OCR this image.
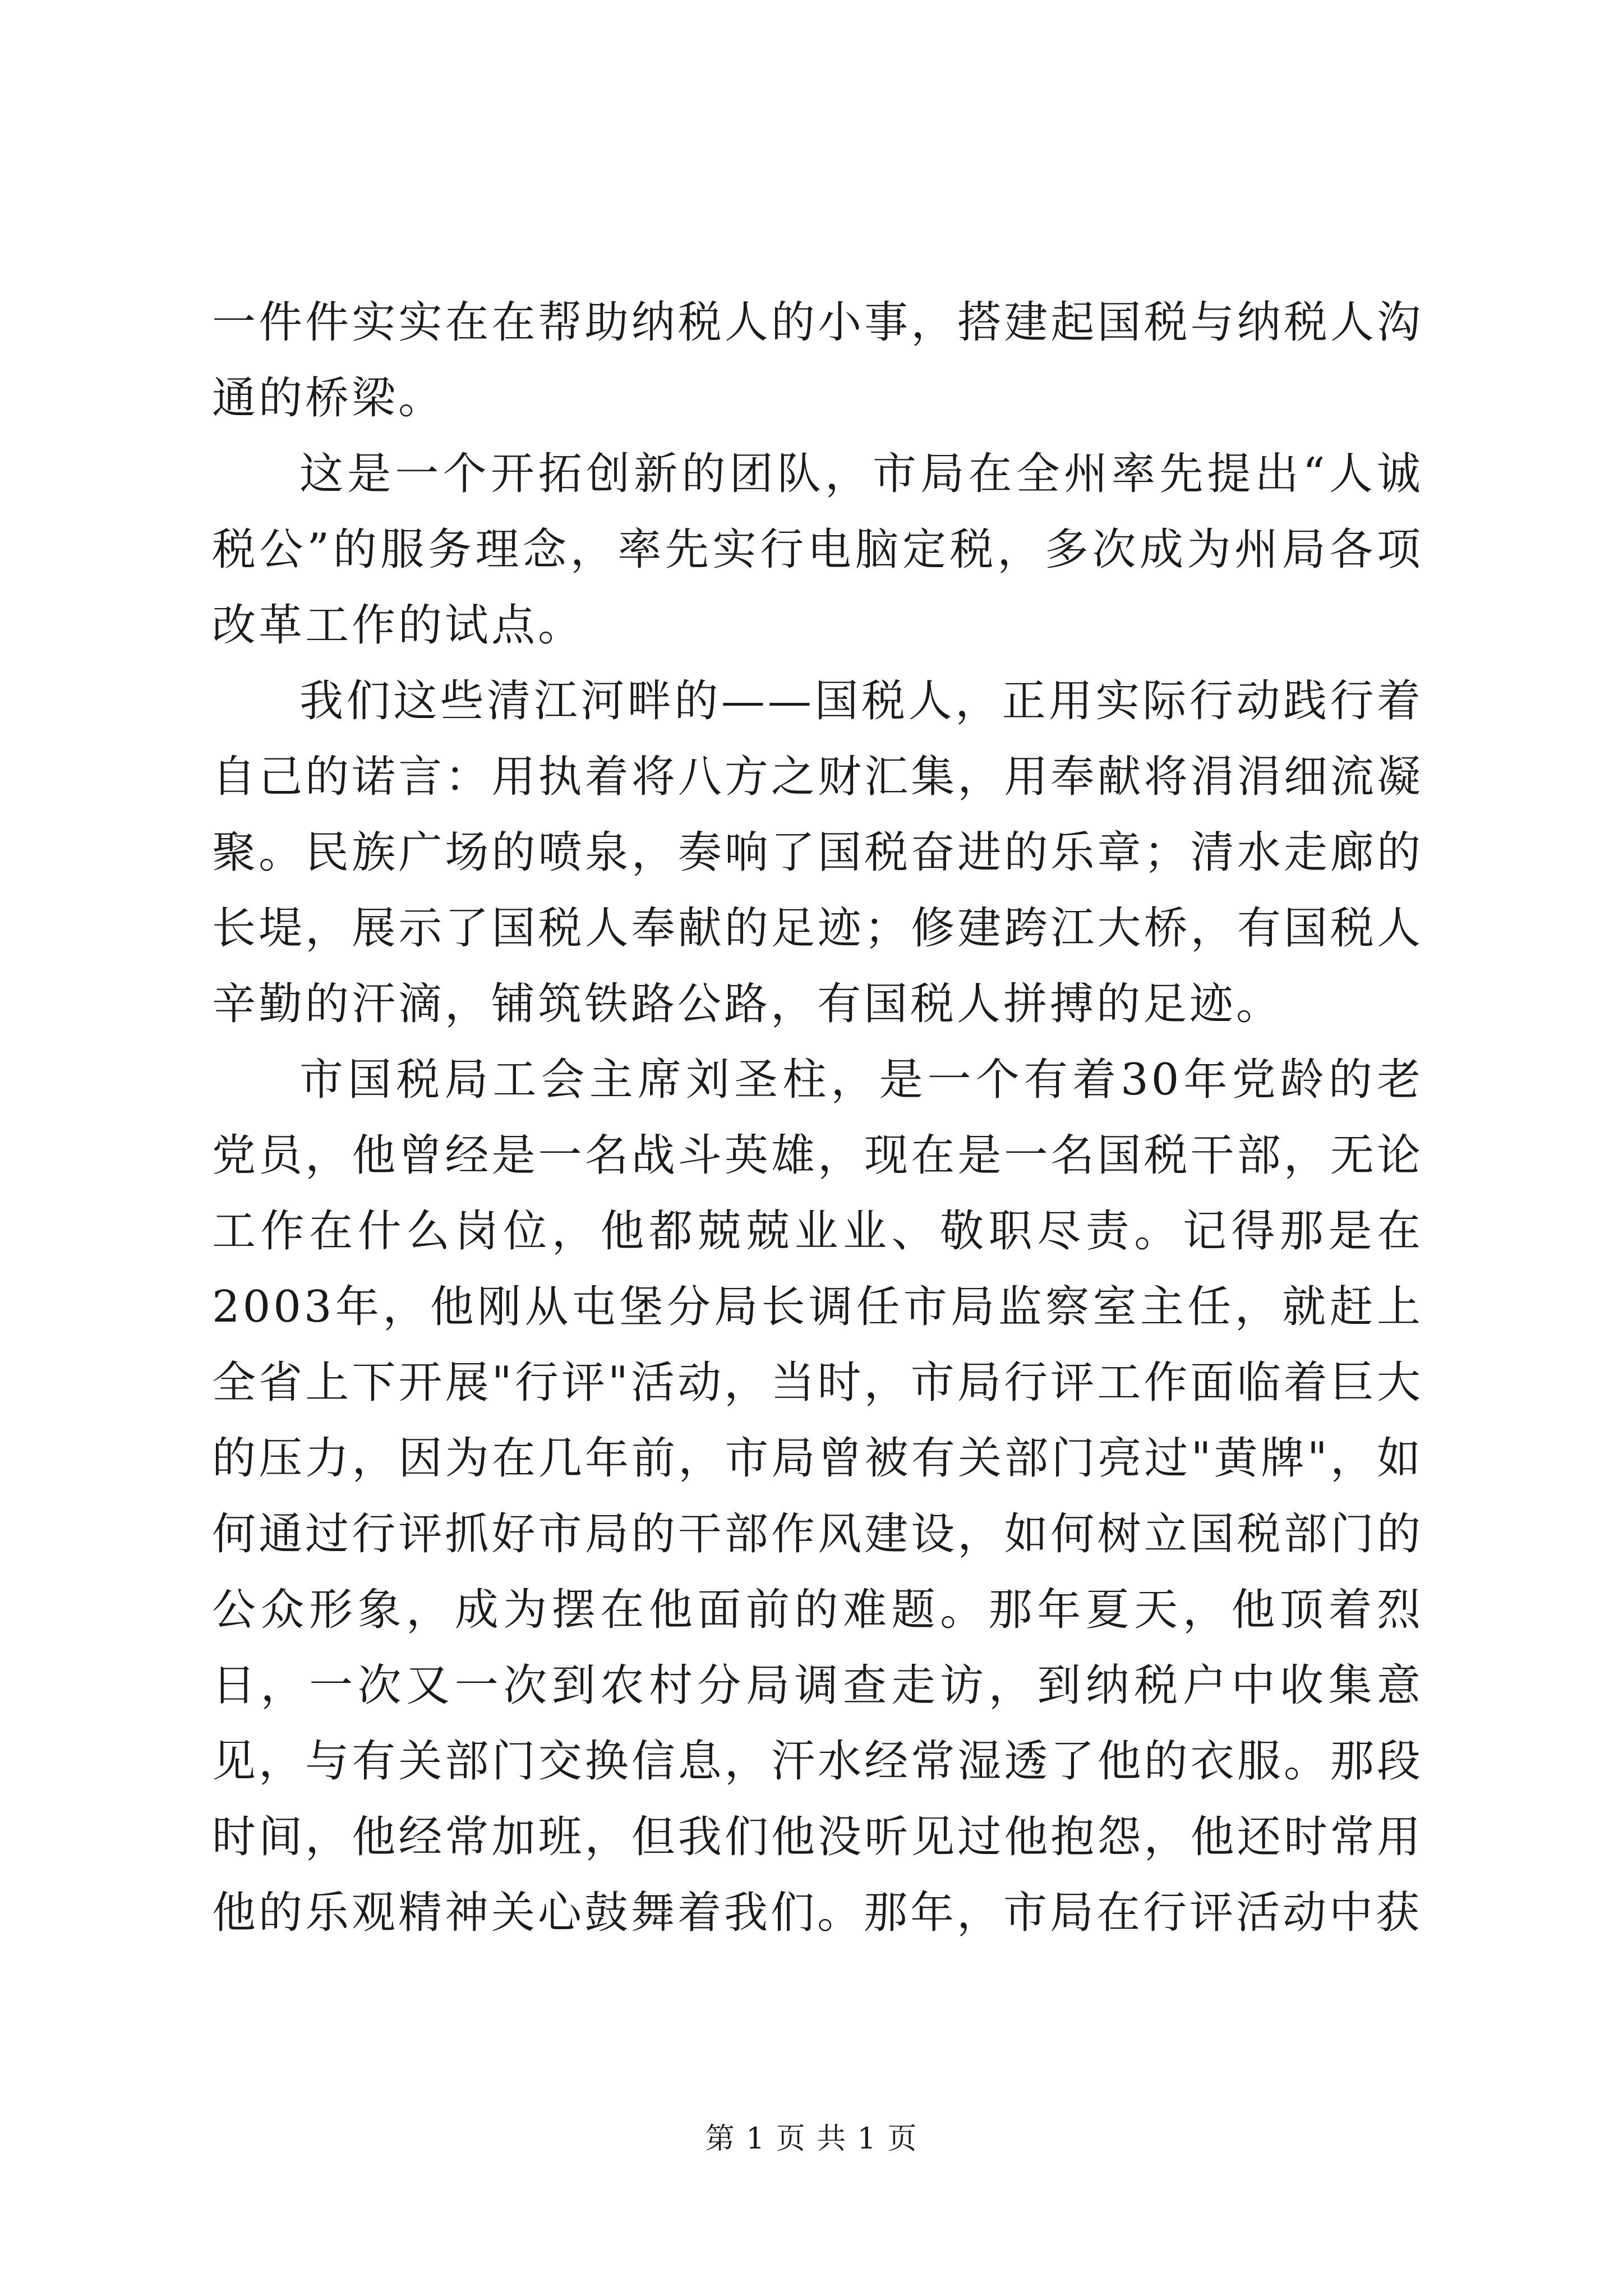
一件件实实在在帮助纳税人的小事，搭建起国税与纳税人沟通的桥梁。

这是一个开拓创新的团队，市局在全州率先提出“人诚税公”的服务理念，率先实行电脑定税，多次成为州局各项改革工作的试点。

我们这些清江河畔的——国税人，正用实际行动践行着自己的诺言：用执着将八方之财汇集，用奉献将涓涓细流凝聚。民族广场的喷泉，奏响了国税奋进的乐章；清水走廊的长堤，展示了国税人奉献的足迹；修建跨江大桥，有国税人辛勤的汗滴，铺筑铁路公路，有国税人拼搏的足迹。

市国税局工会主席刘圣柱，是一个有着30年党龄的老党员，他曾经是一名战斗英雄，现在是一名国税干部，无论工作在什么岗位，他都兢兢业业、敬职尽责。记得那是在2003年，他刚从屯堡分局长调任市局监察室主任，就赶上全省上下开展"行评"活动，当时，市局行评工作面临着巨大的压力，因为在几年前，市局曾被有关部门亮过"黄牌"，如何通过行评抓好市局的干部作风建设，如何树立国税部门的公众形象，成为摆在他面前的难题。那年夏天，他顶着烈日，一次又一次到农村分局调查走访，到纳税户中收集意见，与有关部门交换信息，汗水经常湿透了他的衣服。那段时间，他经常加班，但我们他没听见过他抱怨，他还时常用他的乐观精神关心鼓舞着我们。那年，市局在行评活动中获

第 1 页 共 1 页
